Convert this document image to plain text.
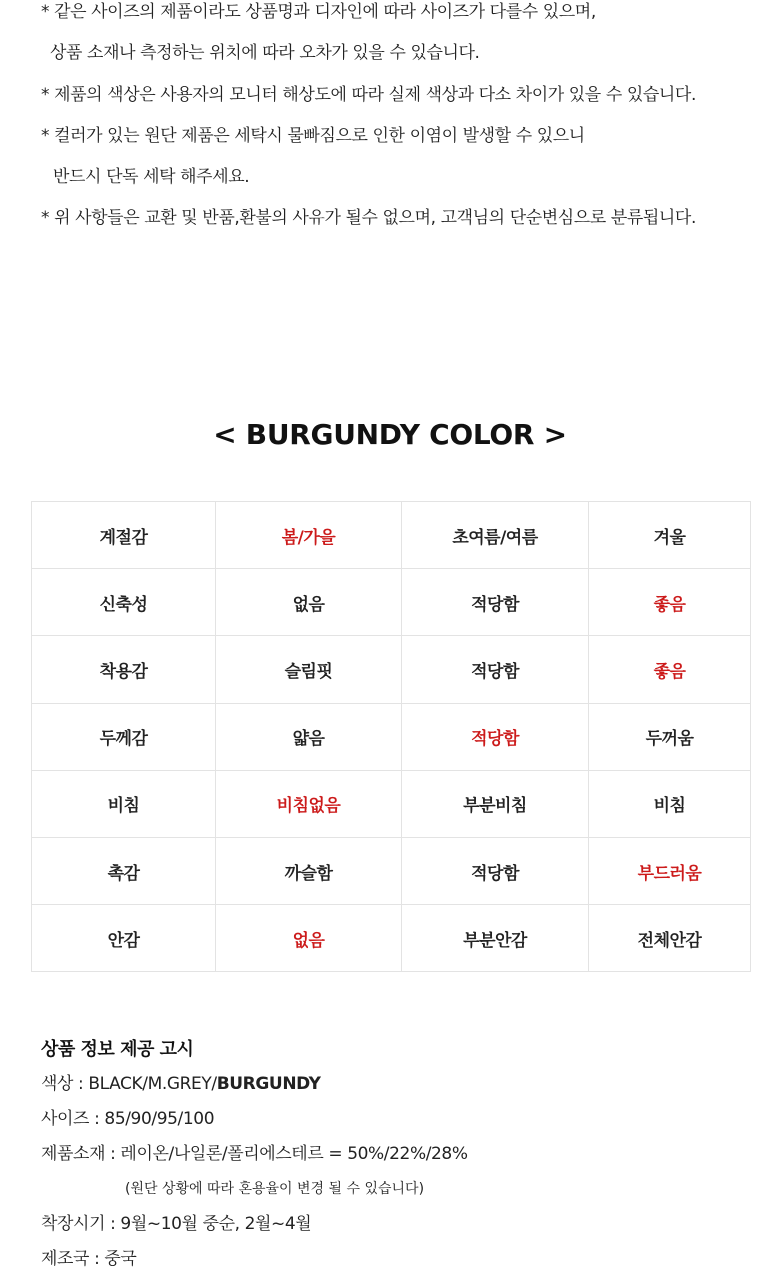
* 같은 사이즈의 제품이라도 상품명과 디자인에 따라 사이즈가 다를수 있으며,
상품 소재나 측정하는 위치에 따라 오차가 있을 수 있습니다.
* 제품의 색상은 사용자의 모니터 해상도에 따라 실제 색상과 다소 차이가 있을 수 있습니다.
* 컬러가 있는 원단 제품은 세탁시 물빠짐으로 인한 이염이 발생할 수 있으니
반드시 단독 세탁 해주세요.
* 위 사항들은 교환 및 반품,환불의 사유가 될수 없으며, 고객님의 단순변심으로 분류됩니다.
< BURGUNDY COLOR >
계절감	봄/가을	초여름/여름	겨울
신축성	없음	적당함	좋음
착용감	슬림핏	적당함	좋음
두께감	얇음	적당함	두꺼움
비침	비침없음	부분비침	비침
촉감	까슬함	적당함	부드러움
안감	없음	부분안감	전체안감
상품 정보 제공 고시
색상 : BLACK/M.GREY/BURGUNDY
사이즈 : 85/90/95/100
제품소재 : 레이온/나일론/폴리에스테르 = 50%/22%/28%
(원단 상황에 따라 혼용율이 변경 될 수 있습니다)
착장시기 : 9월~10월 중순, 2월~4월
제조국 : 중국
